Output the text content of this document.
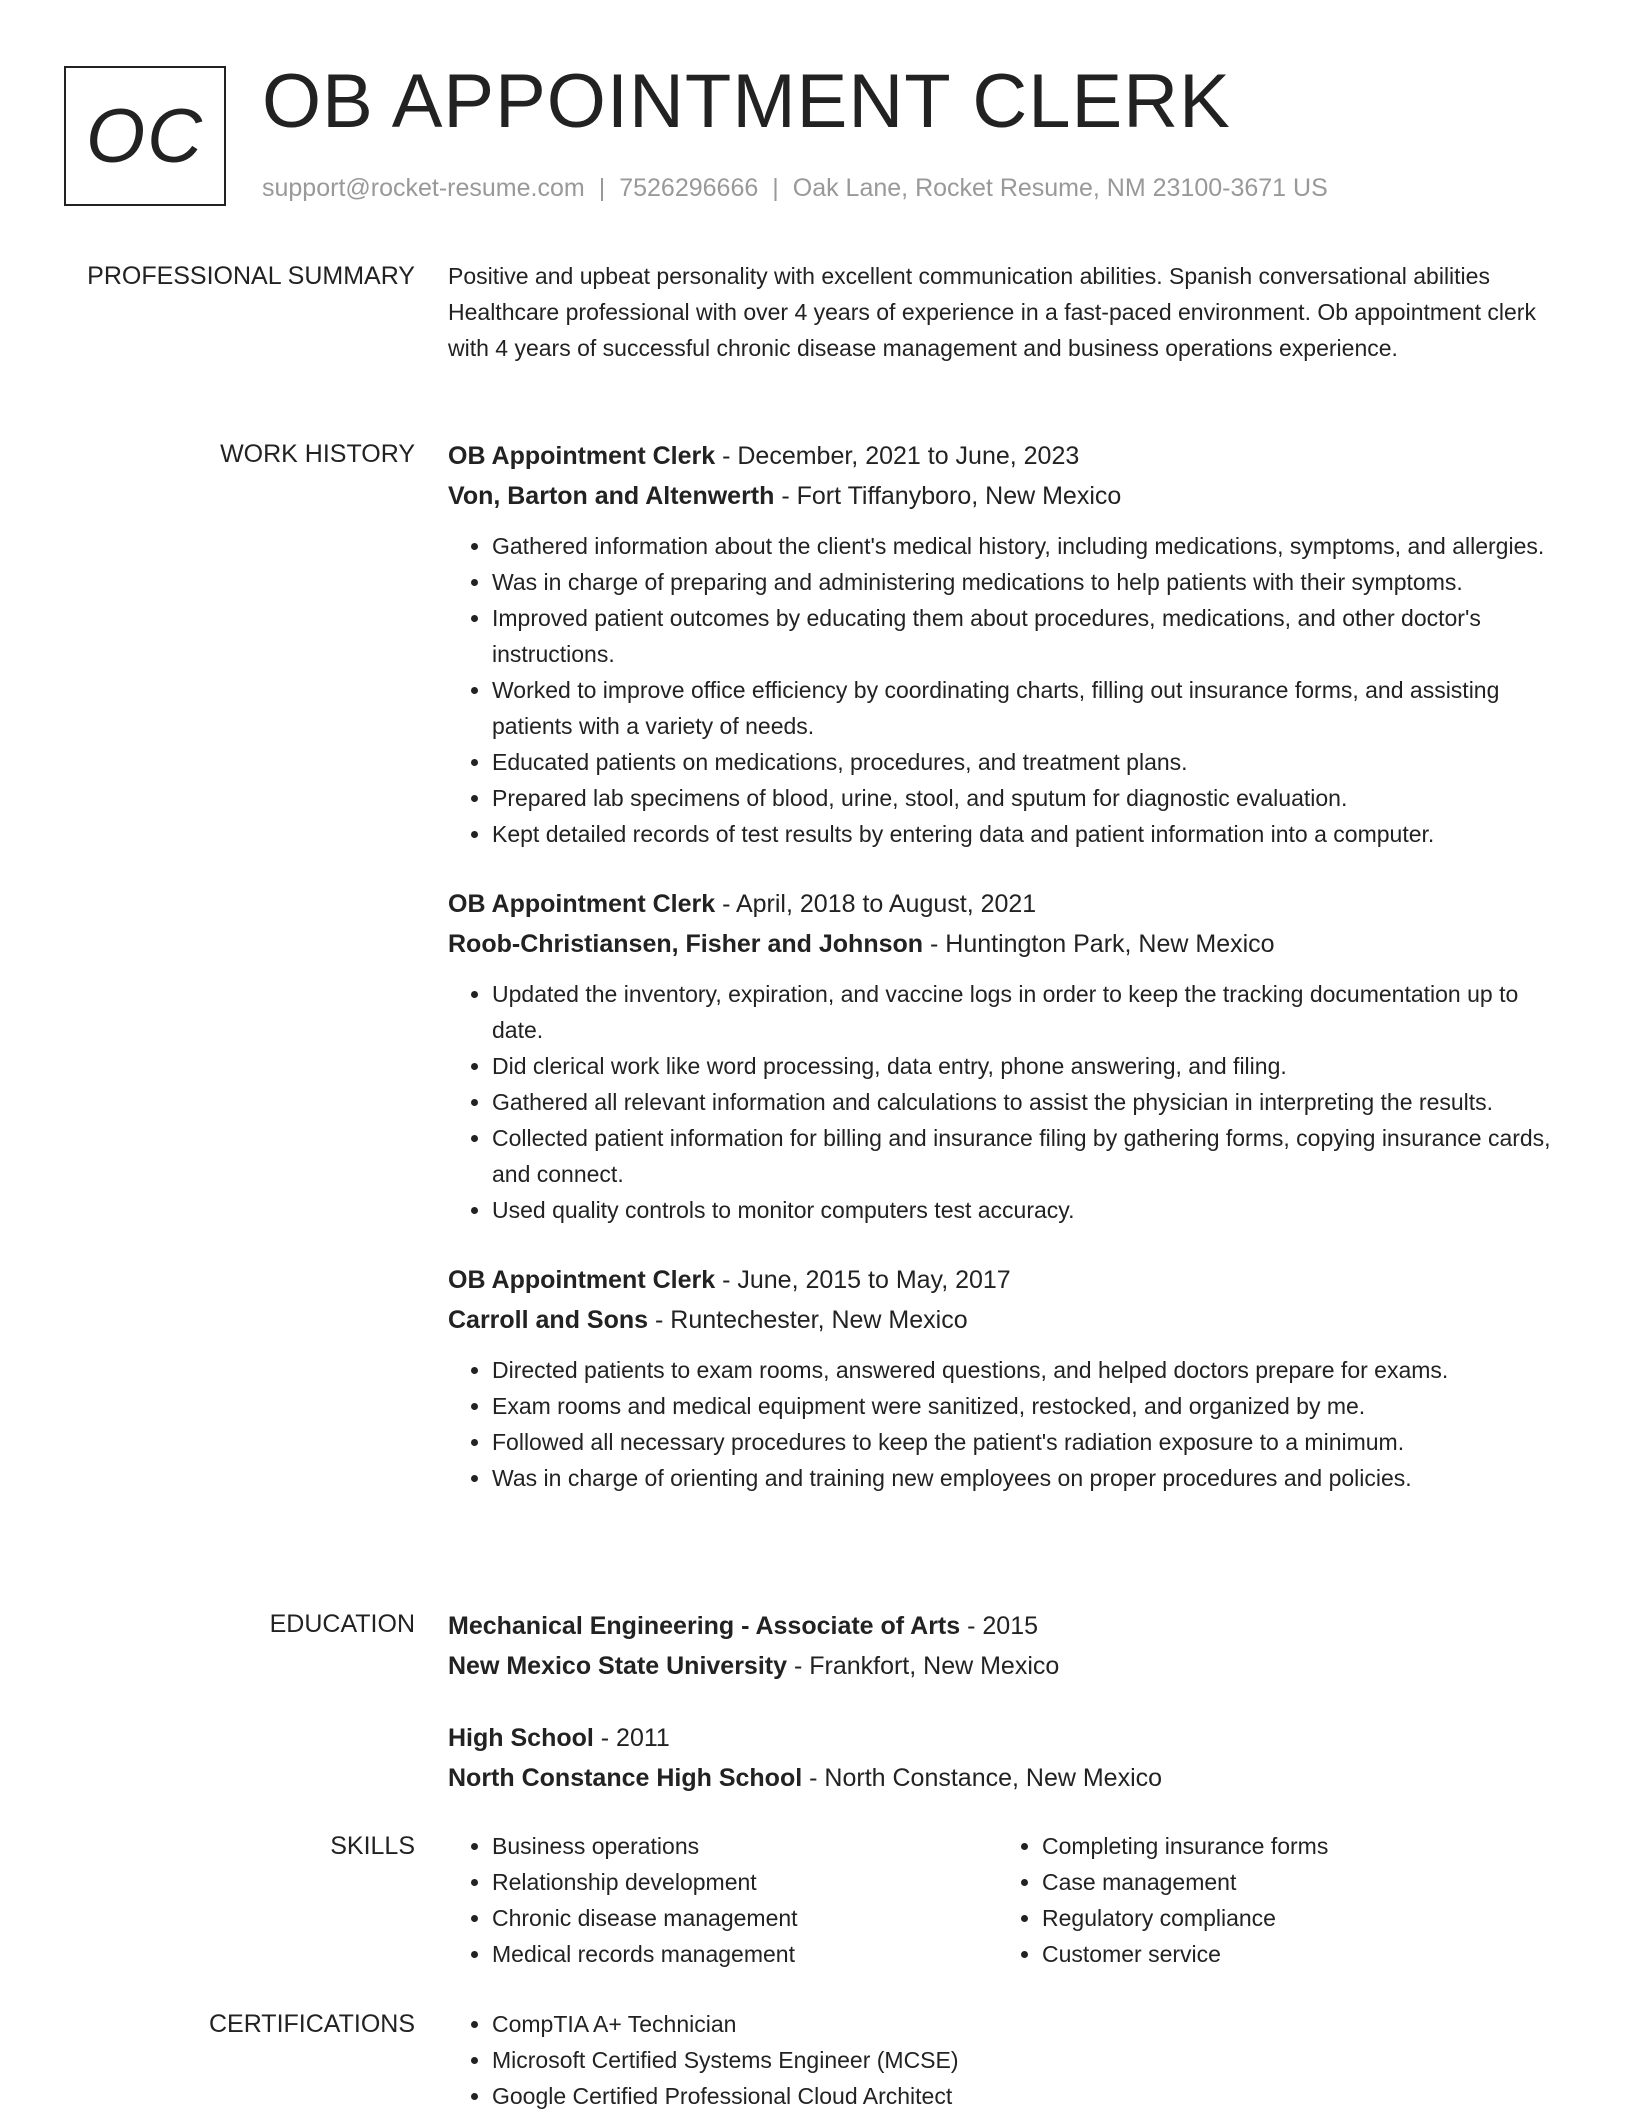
OC OB APPOINTMENT CLERK
support@rocket-resume.com | 7526296666 | Oak Lane, Rocket Resume, NM 23100-3671 US
PROFESSIONAL SUMMARY Positive and upbeat personality with excellent communication abilities. Spanish conversational abilities Healthcare professional with over 4 years of experience in a fast-paced environment. Ob appointment clerk with 4 years of successful chronic disease management and business operations experience.

WORK HISTORY OB Appointment Clerk - December, 2021 to June, 2023
Von, Barton and Altenwerth - Fort Tiffanyboro, New Mexico
• Gathered information about the client's medical history, including medications, symptoms, and allergies.
• Was in charge of preparing and administering medications to help patients with their symptoms.
• Improved patient outcomes by educating them about procedures, medications, and other doctor's instructions.
• Worked to improve office efficiency by coordinating charts, filling out insurance forms, and assisting patients with a variety of needs.
• Educated patients on medications, procedures, and treatment plans.
• Prepared lab specimens of blood, urine, stool, and sputum for diagnostic evaluation.
• Kept detailed records of test results by entering data and patient information into a computer.
OB Appointment Clerk - April, 2018 to August, 2021
Roob-Christiansen, Fisher and Johnson - Huntington Park, New Mexico
• Updated the inventory, expiration, and vaccine logs in order to keep the tracking documentation up to date.
• Did clerical work like word processing, data entry, phone answering, and filing.
• Gathered all relevant information and calculations to assist the physician in interpreting the results.
• Collected patient information for billing and insurance filing by gathering forms, copying insurance cards, and connect.
• Used quality controls to monitor computers test accuracy.
OB Appointment Clerk - June, 2015 to May, 2017
Carroll and Sons - Runtechester, New Mexico
• Directed patients to exam rooms, answered questions, and helped doctors prepare for exams.
• Exam rooms and medical equipment were sanitized, restocked, and organized by me.
• Followed all necessary procedures to keep the patient's radiation exposure to a minimum.
• Was in charge of orienting and training new employees on proper procedures and policies.
EDUCATION Mechanical Engineering - Associate of Arts - 2015
New Mexico State University - Frankfort, New Mexico
High School - 2011
North Constance High School - North Constance, New Mexico
SKILLS	• Business operations
• Relationship development
• Chronic disease management
• Medical records management
• Completing insurance forms
• Case management
• Regulatory compliance
• Customer service
CERTIFICATIONS	• CompTIA A+ Technician
• Microsoft Certified Systems Engineer (MCSE)
• Google Certified Professional Cloud Architect
